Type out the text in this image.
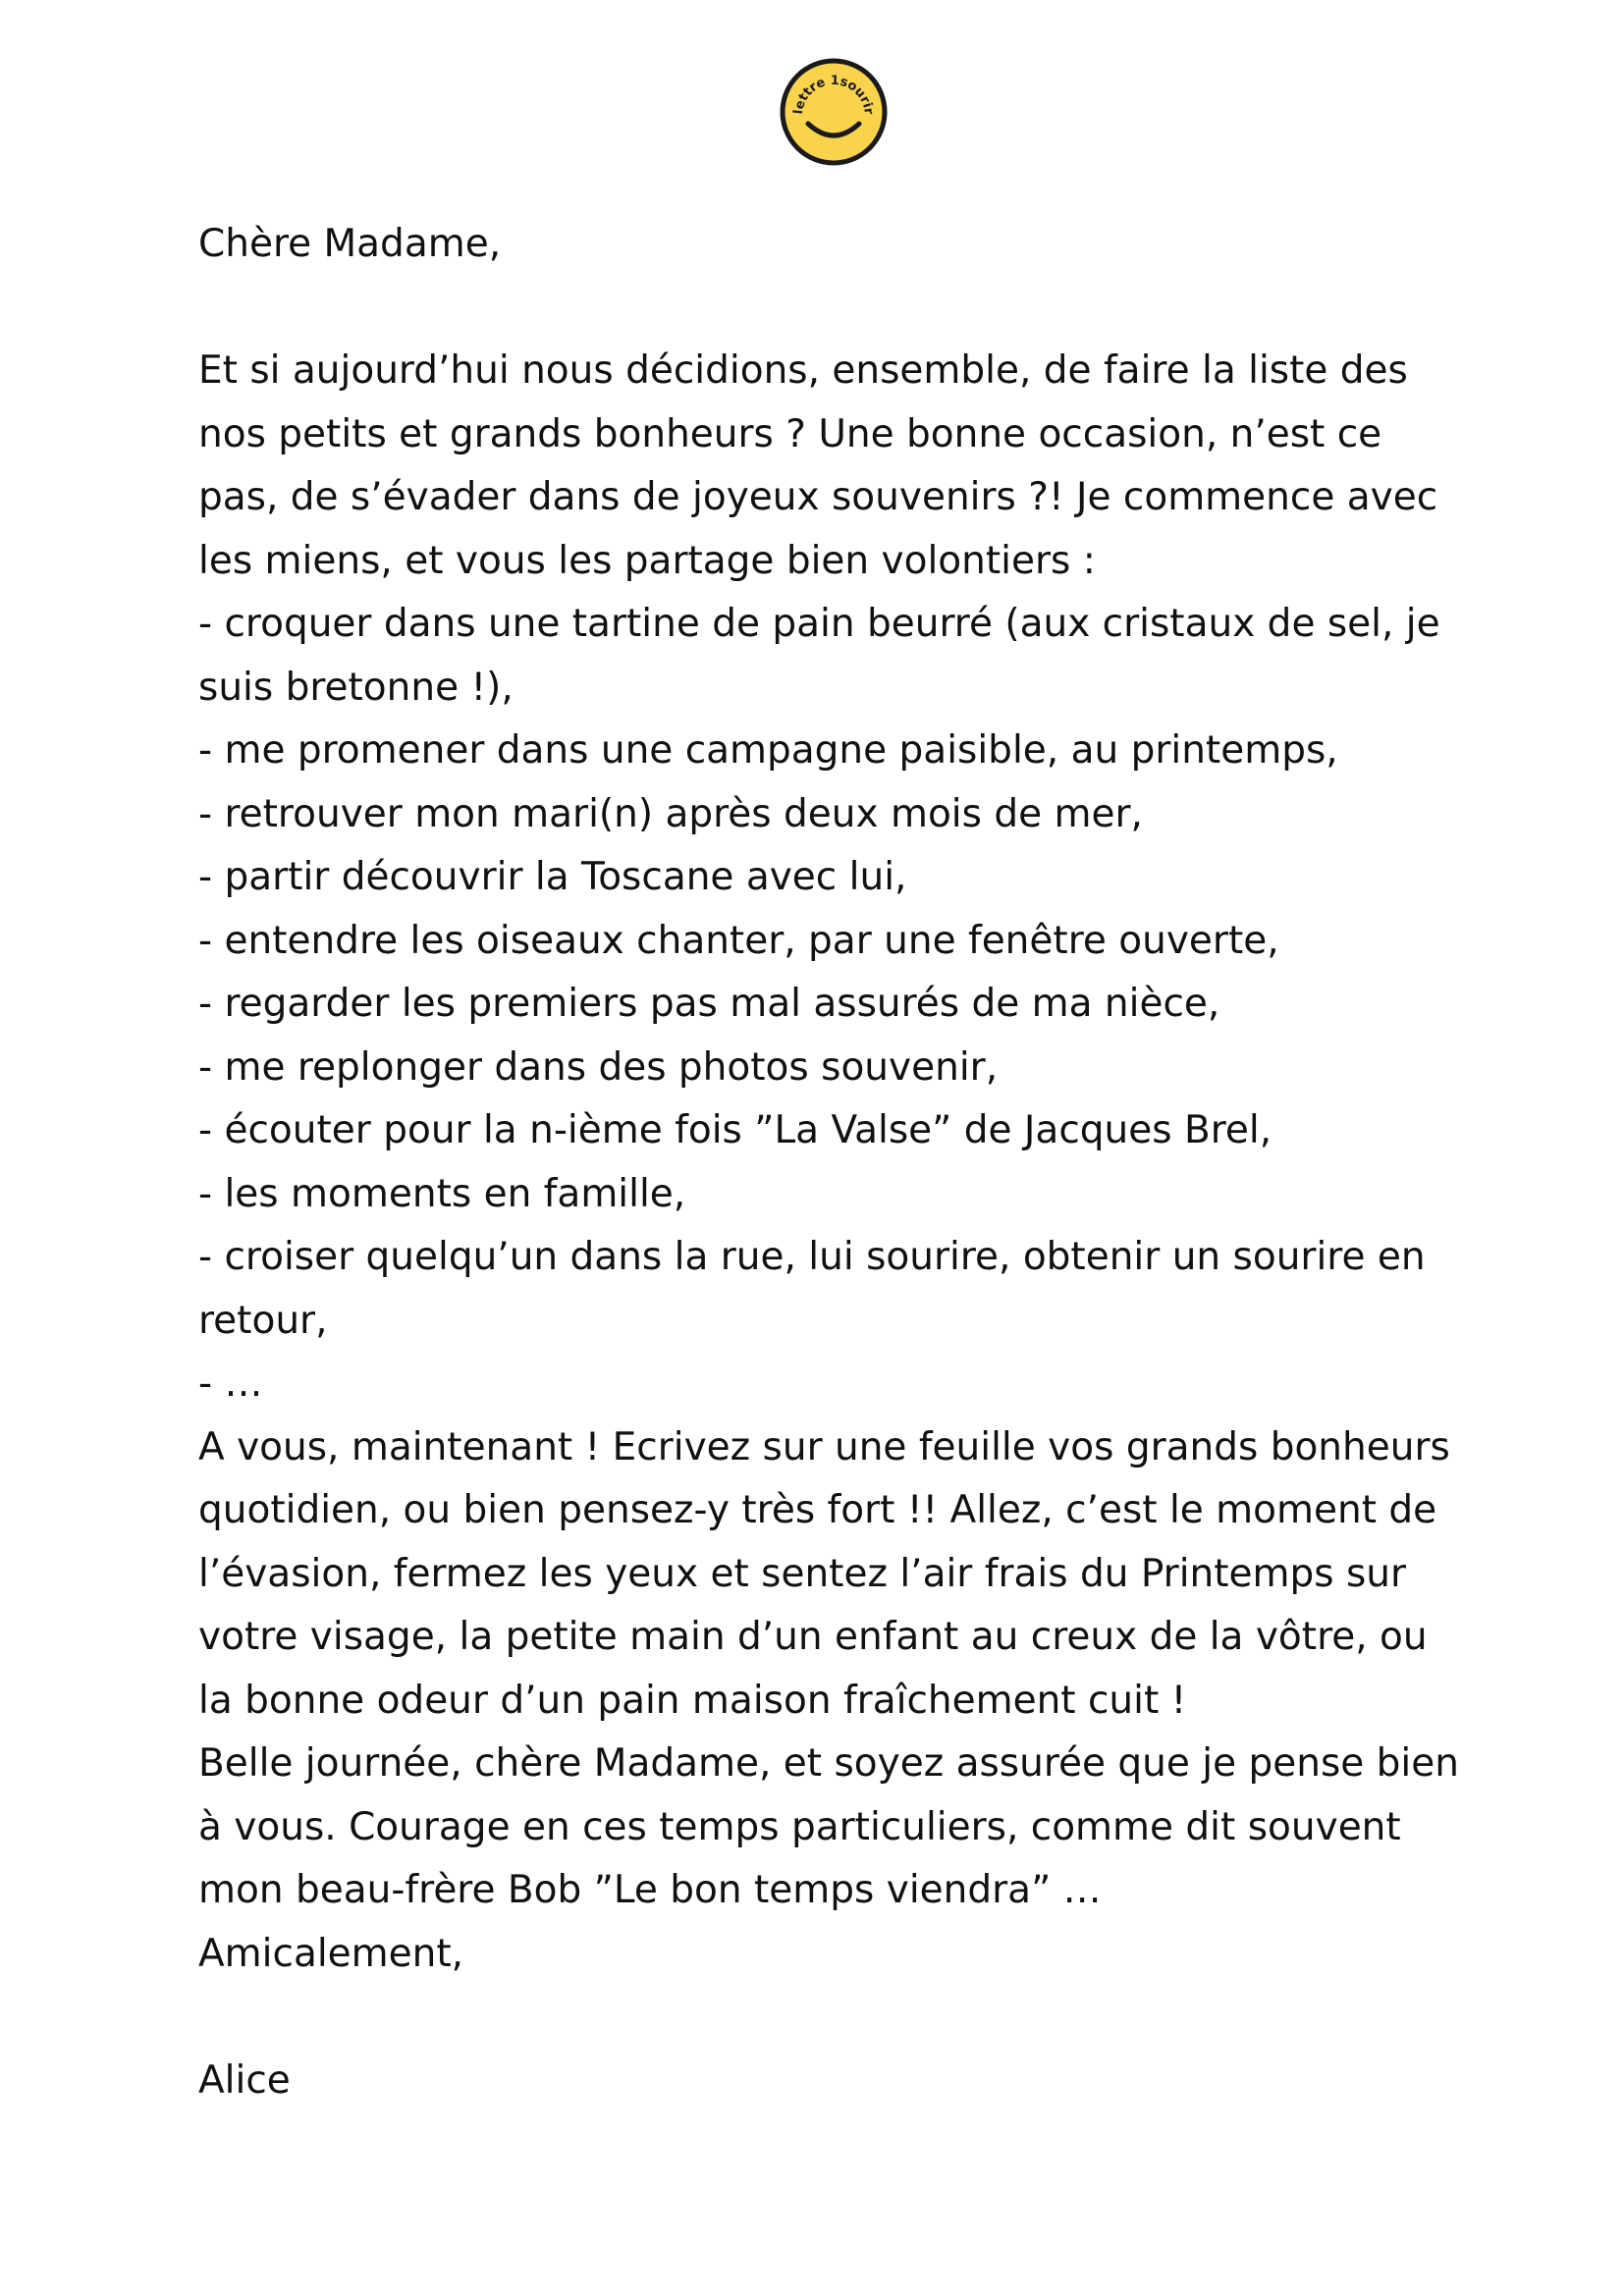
lettre 1sourir
Chère Madame,
Et si aujourd’hui nous décidions, ensemble, de faire la liste des
nos petits et grands bonheurs ? Une bonne occasion, n’est ce
pas, de s’évader dans de joyeux souvenirs ?! Je commence avec
les miens, et vous les partage bien volontiers :
- croquer dans une tartine de pain beurré (aux cristaux de sel, je
suis bretonne !),
- me promener dans une campagne paisible, au printemps,
- retrouver mon mari(n) après deux mois de mer,
- partir découvrir la Toscane avec lui,
- entendre les oiseaux chanter, par une fenêtre ouverte,
- regarder les premiers pas mal assurés de ma nièce,
- me replonger dans des photos souvenir,
- écouter pour la n-ième fois ”La Valse” de Jacques Brel,
- les moments en famille,
- croiser quelqu’un dans la rue, lui sourire, obtenir un sourire en
retour,
- …
A vous, maintenant ! Ecrivez sur une feuille vos grands bonheurs
quotidien, ou bien pensez-y très fort !! Allez, c’est le moment de
l’évasion, fermez les yeux et sentez l’air frais du Printemps sur
votre visage, la petite main d’un enfant au creux de la vôtre, ou
la bonne odeur d’un pain maison fraîchement cuit !
Belle journée, chère Madame, et soyez assurée que je pense bien
à vous. Courage en ces temps particuliers, comme dit souvent
mon beau-frère Bob ”Le bon temps viendra” …
Amicalement,
Alice
